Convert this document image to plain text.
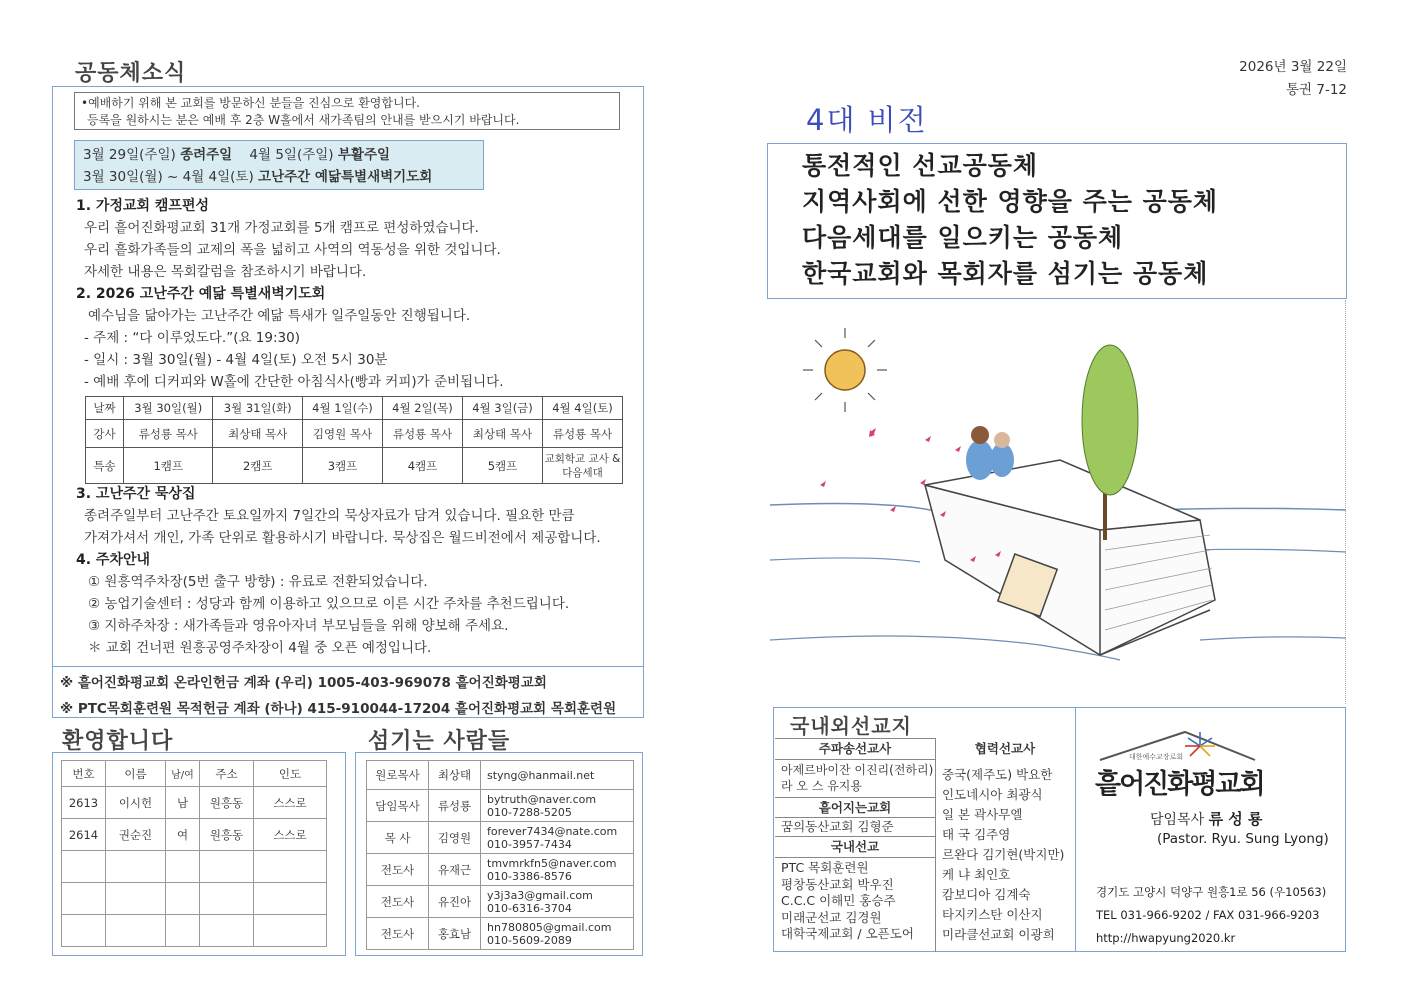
공동체소식
•예배하기 위해 본 교회를 방문하신 분들을 진심으로 환영합니다.
등록을 원하시는 분은 예배 후 2층 W홀에서 새가족팀의 안내를 받으시기 바랍니다.
3월 29일(주일) 종려주일 4월 5일(주일) 부활주일
3월 30일(월) ~ 4월 4일(토) 고난주간 예닮특별새벽기도회
1. 가정교회 캠프편성
우리 흩어진화평교회 31개 가정교회를 5개 캠프로 편성하였습니다.
우리 흩화가족들의 교제의 폭을 넓히고 사역의 역동성을 위한 것입니다.
자세한 내용은 목회칼럼을 참조하시기 바랍니다.
2. 2026 고난주간 예닮 특별새벽기도회
예수님을 닮아가는 고난주간 예닮 특새가 일주일동안 진행됩니다.
- 주제 : “다 이루었도다.”(요 19:30)
- 일시 : 3월 30일(월) - 4월 4일(토) 오전 5시 30분
- 예배 후에 디커피와 W홀에 간단한 아침식사(빵과 커피)가 준비됩니다.
날짜	3월 30일(월)	3월 31일(화)	4월 1일(수)	4월 2일(목)	4월 3일(금)	4월 4일(토)
강사	류성룡 목사	최상태 목사	김영원 목사	류성룡 목사	최상태 목사	류성룡 목사
특송	1캠프	2캠프	3캠프	4캠프	5캠프	교회학교 교사 & 다음세대
3. 고난주간 묵상집
종려주일부터 고난주간 토요일까지 7일간의 묵상자료가 담겨 있습니다. 필요한 만큼
가져가셔서 개인, 가족 단위로 활용하시기 바랍니다. 묵상집은 월드비전에서 제공합니다.
4. 주차안내
① 원흥역주차장(5번 출구 방향) : 유료로 전환되었습니다.
② 농업기술센터 : 성당과 함께 이용하고 있으므로 이른 시간 주차를 추천드립니다.
③ 지하주차장 : 새가족들과 영유아자녀 부모님들을 위해 양보해 주세요.
＊ 교회 건너편 원흥공영주차장이 4월 중 오픈 예정입니다.
※ 흩어진화평교회 온라인헌금 계좌 (우리) 1005-403-969078 흩어진화평교회
※ PTC목회훈련원 목적헌금 계좌 (하나) 415-910044-17204 흩어진화평교회 목회훈련원
환영합니다
번호	이름	남/여	주소	인도
2613	이시헌	남	원흥동	스스로
2614	권순진	여	원흥동	스스로

섬기는 사람들
원로목사	최상태	styng@hanmail.net

담임목사	류성룡	bytruth@naver.com
010-7288-5205

목 사	김영원	forever7434@nate.com
010-3957-7434

전도사	유재근	tmvmrkfn5@naver.com
010-3386-8576

전도사	유진아	y3j3a3@gmail.com
010-6316-3704

전도사	홍효남	hn780805@gmail.com
010-5609-2089
2026년 3월 22일
통권 7-12
4대 비전
통전적인 선교공동체
지역사회에 선한 영향을 주는 공동체
다음세대를 일으키는 공동체
한국교회와 목회자를 섬기는 공동체
국내외선교지
주파송선교사
아제르바이잔 이진리(전하리)
라 오 스 유지용
흩어지는교회
꿈의동산교회 김형준
국내선교
PTC 목회훈련원
평창동산교회 박우진
C.C.C 이해민 홍승주
미래군선교 김경원
대학국제교회 / 오픈도어
협력선교사
중국(제주도) 박요한
인도네시아 최광식
일 본 곽사무엘
태 국 김주영
르완다 김기현(박지만)
케 냐 최인호
캄보디아 김계숙
타지키스탄 이산지
미라클선교회 이광희
대한예수교장로회
흩어진화평교회
담임목사 류 성 룡
(Pastor. Ryu. Sung Lyong)
경기도 고양시 덕양구 원흥1로 56 (우10563)
TEL 031-966-9202 / FAX 031-966-9203
http://hwapyung2020.kr
